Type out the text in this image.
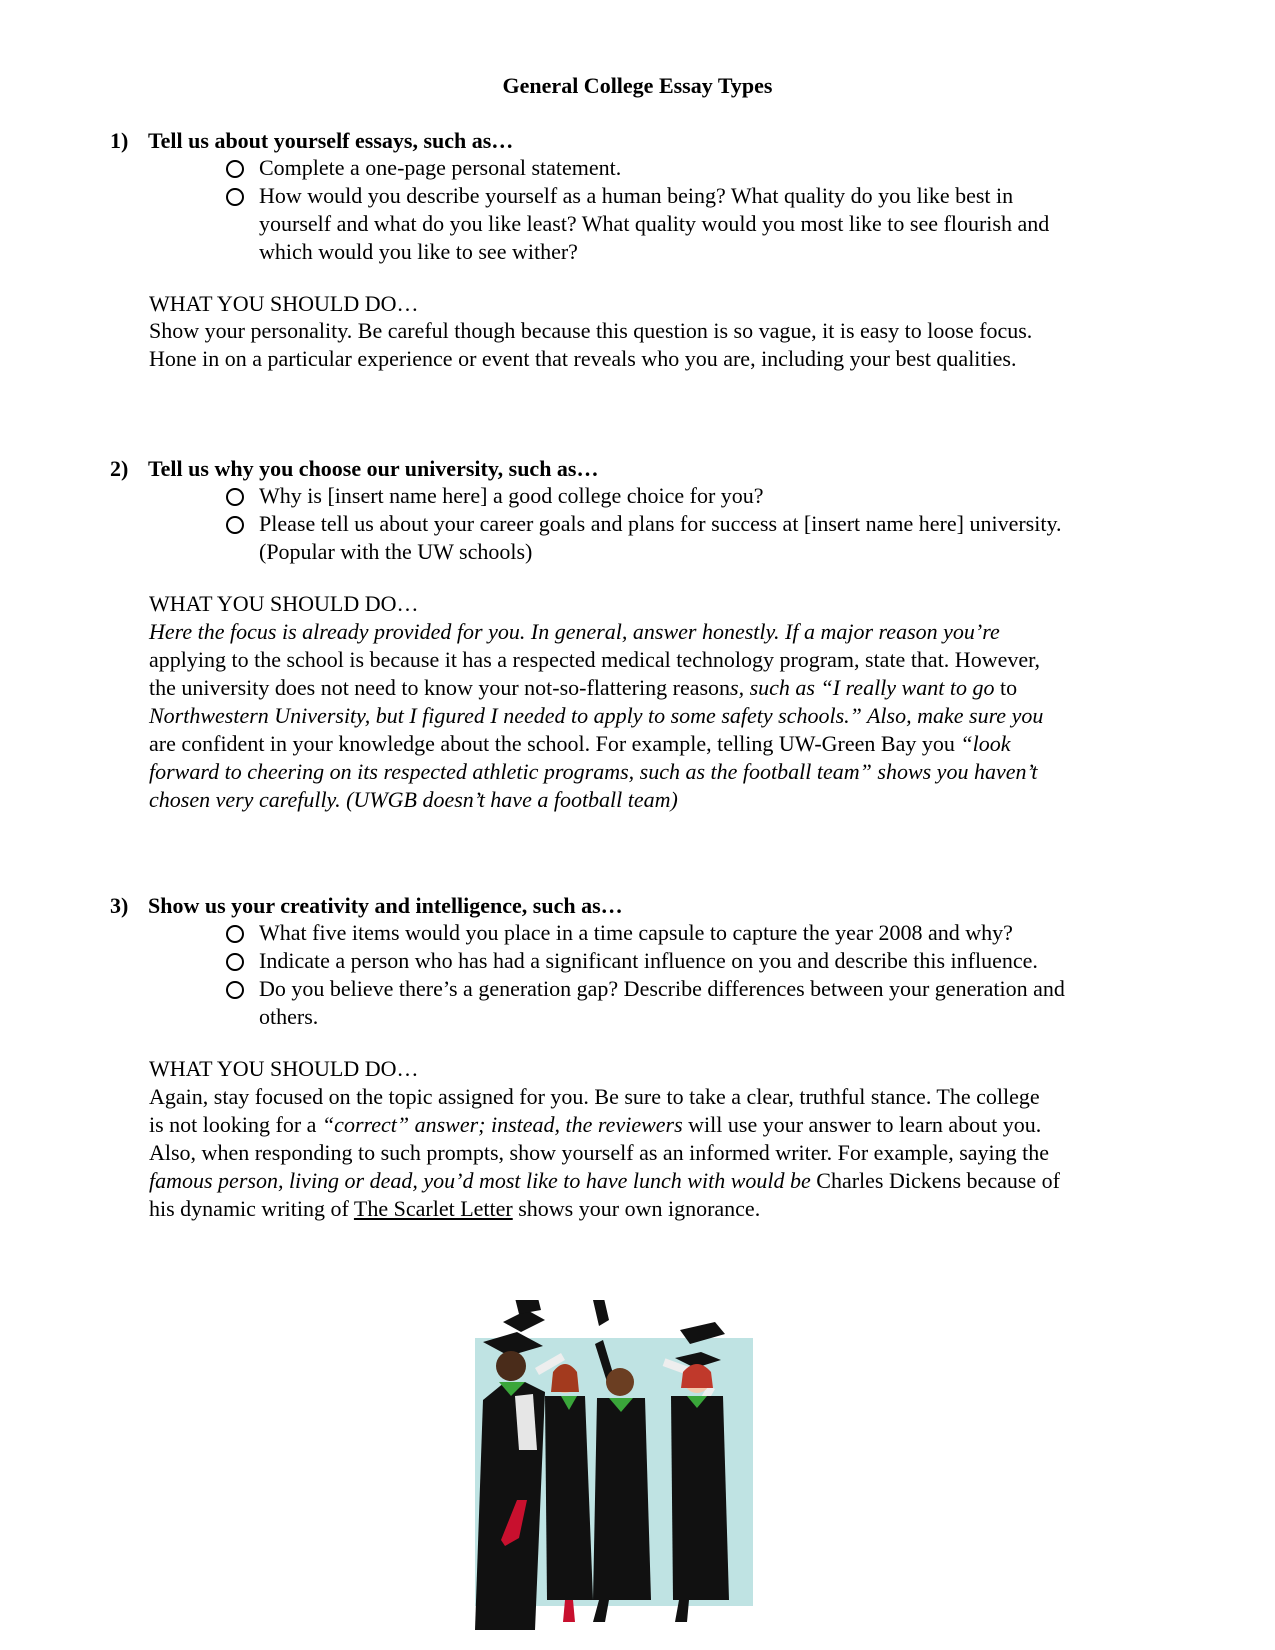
General College Essay Types
1) Tell us about yourself essays, such as…
Complete a one-page personal statement.
How would you describe yourself as a human being? What quality do you like best in
yourself and what do you like least? What quality would you most like to see flourish and
which would you like to see wither?
WHAT YOU SHOULD DO…
Show your personality. Be careful though because this question is so vague, it is easy to loose focus.
Hone in on a particular experience or event that reveals who you are, including your best qualities.
2) Tell us why you choose our university, such as…
Why is [insert name here] a good college choice for you?
Please tell us about your career goals and plans for success at [insert name here] university.
(Popular with the UW schools)
WHAT YOU SHOULD DO…
Here the focus is already provided for you. In general, answer honestly. If a major reason you’re
applying to the school is because it has a respected medical technology program, state that. However,
the university does not need to know your not-so-flattering reasons, such as “I really want to go to
Northwestern University, but I figured I needed to apply to some safety schools.” Also, make sure you
are confident in your knowledge about the school. For example, telling UW-Green Bay you “look
forward to cheering on its respected athletic programs, such as the football team” shows you haven’t
chosen very carefully. (UWGB doesn’t have a football team)
3) Show us your creativity and intelligence, such as…
What five items would you place in a time capsule to capture the year 2008 and why?
Indicate a person who has had a significant influence on you and describe this influence.
Do you believe there’s a generation gap? Describe differences between your generation and
others.
WHAT YOU SHOULD DO…
Again, stay focused on the topic assigned for you. Be sure to take a clear, truthful stance. The college
is not looking for a “correct” answer; instead, the reviewers will use your answer to learn about you.
Also, when responding to such prompts, show yourself as an informed writer. For example, saying the
famous person, living or dead, you’d most like to have lunch with would be Charles Dickens because of
his dynamic writing of The Scarlet Letter shows your own ignorance.
